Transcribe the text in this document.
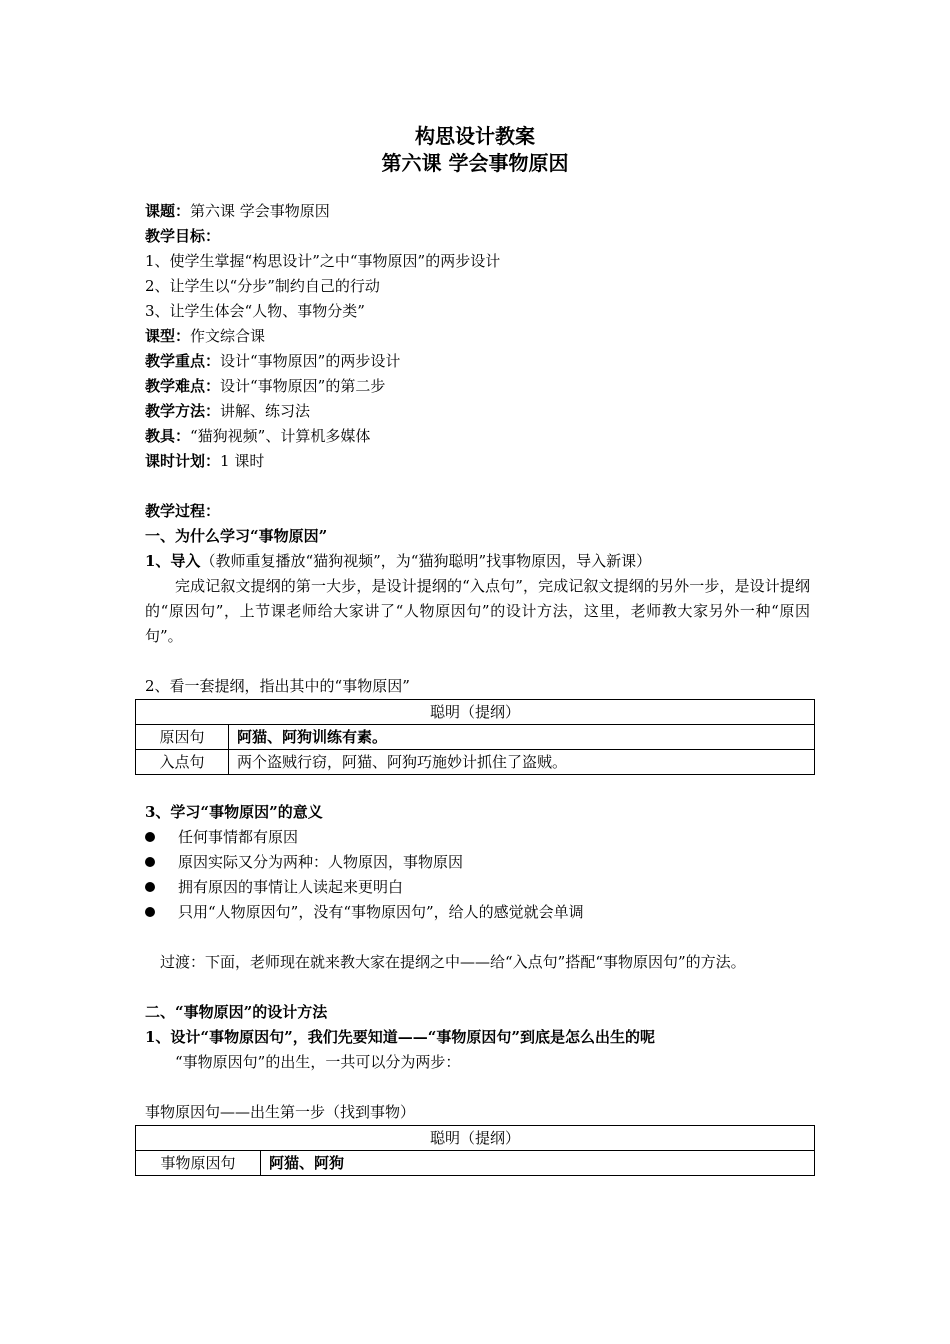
构思设计教案
第六课 学会事物原因
课题：第六课 学会事物原因
教学目标：
1、使学生掌握“构思设计”之中“事物原因”的两步设计
2、让学生以“分步”制约自己的行动
3、让学生体会“人物、事物分类”
课型：作文综合课
教学重点：设计“事物原因”的两步设计
教学难点：设计“事物原因”的第二步
教学方法：讲解、练习法
教具：“猫狗视频”、计算机多媒体
课时计划：1 课时
教学过程：
一、为什么学习“事物原因”
1、导入（教师重复播放“猫狗视频”，为“猫狗聪明”找事物原因，导入新课）
完成记叙文提纲的第一大步，是设计提纲的“入点句”，完成记叙文提纲的另外一步，是设计提纲的“原因句”，上节课老师给大家讲了“人物原因句”的设计方法，这里，老师教大家另外一种“原因句”。
2、看一套提纲，指出其中的“事物原因”
聪明（提纲）	
原因句	阿猫、阿狗训练有素。
入点句	两个盗贼行窃，阿猫、阿狗巧施妙计抓住了盗贼。
3、学习“事物原因”的意义
任何事情都有原因
原因实际又分为两种：人物原因，事物原因
拥有原因的事情让人读起来更明白
只用“人物原因句”，没有“事物原因句”，给人的感觉就会单调
过渡：下面，老师现在就来教大家在提纲之中——给“入点句”搭配“事物原因句”的方法。
二、“事物原因”的设计方法
1、设计“事物原因句”，我们先要知道——“事物原因句”到底是怎么出生的呢
“事物原因句”的出生，一共可以分为两步：
事物原因句——出生第一步（找到事物）
聪明（提纲）
事物原因句	阿猫、阿狗
